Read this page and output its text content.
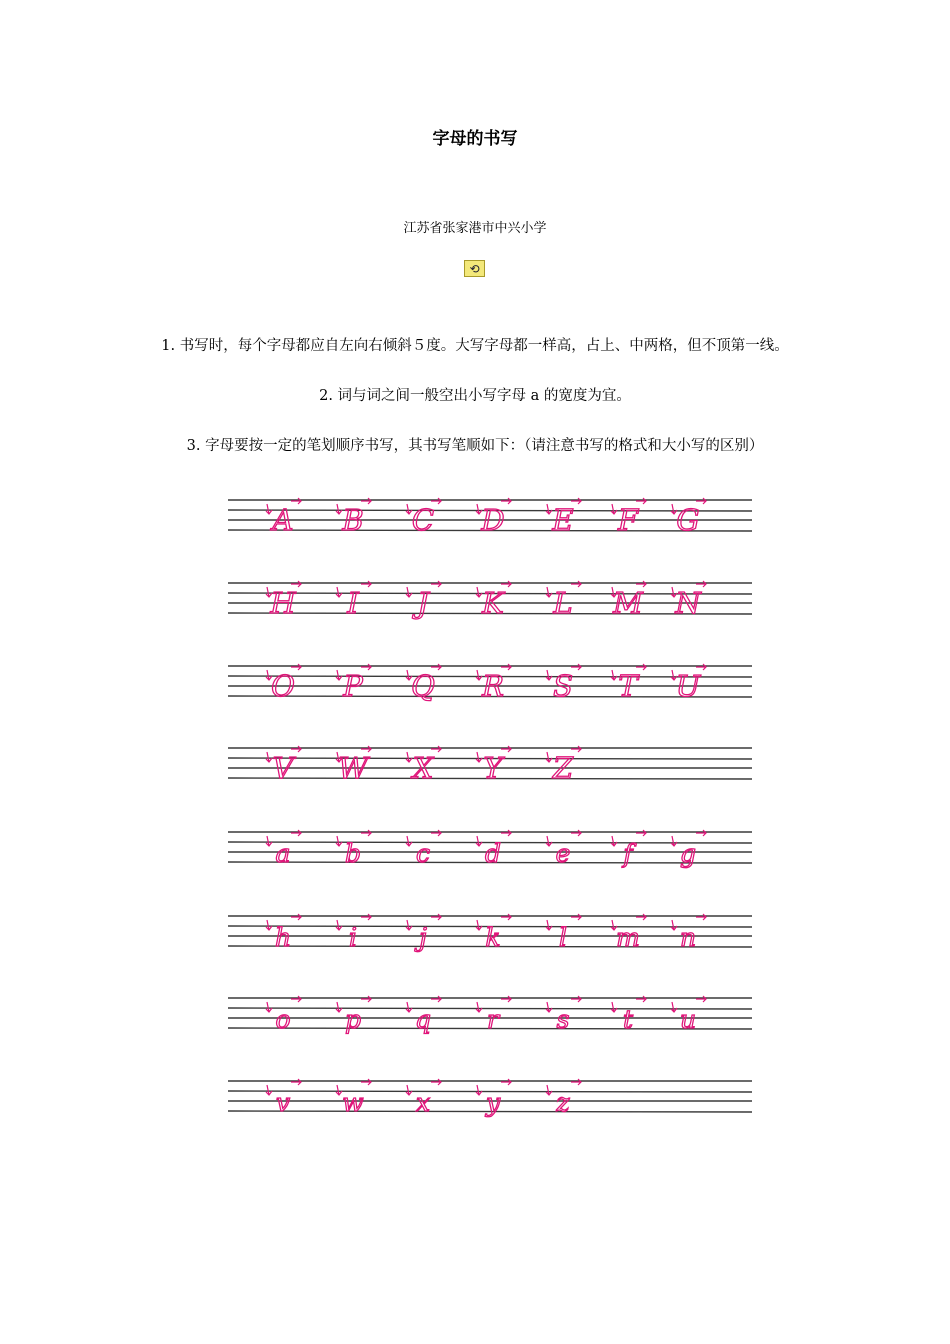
字母的书写
江苏省张家港市中兴小学
⟲
1. 书写时，每个字母都应自左向右倾斜５度。大写字母都一样高，占上、中两格，但不顶第一线。
2. 词与词之间一般空出小写字母 a 的宽度为宜。
3. 字母要按一定的笔划顺序书写，其书写笔顺如下：（请注意书写的格式和大小写的区别）
A B C D E F G
H I J K L M N
O P Q R S T U
V W X Y Z
a b c d e f g
h i j k l m n
o p q r s t u
v w x y z
